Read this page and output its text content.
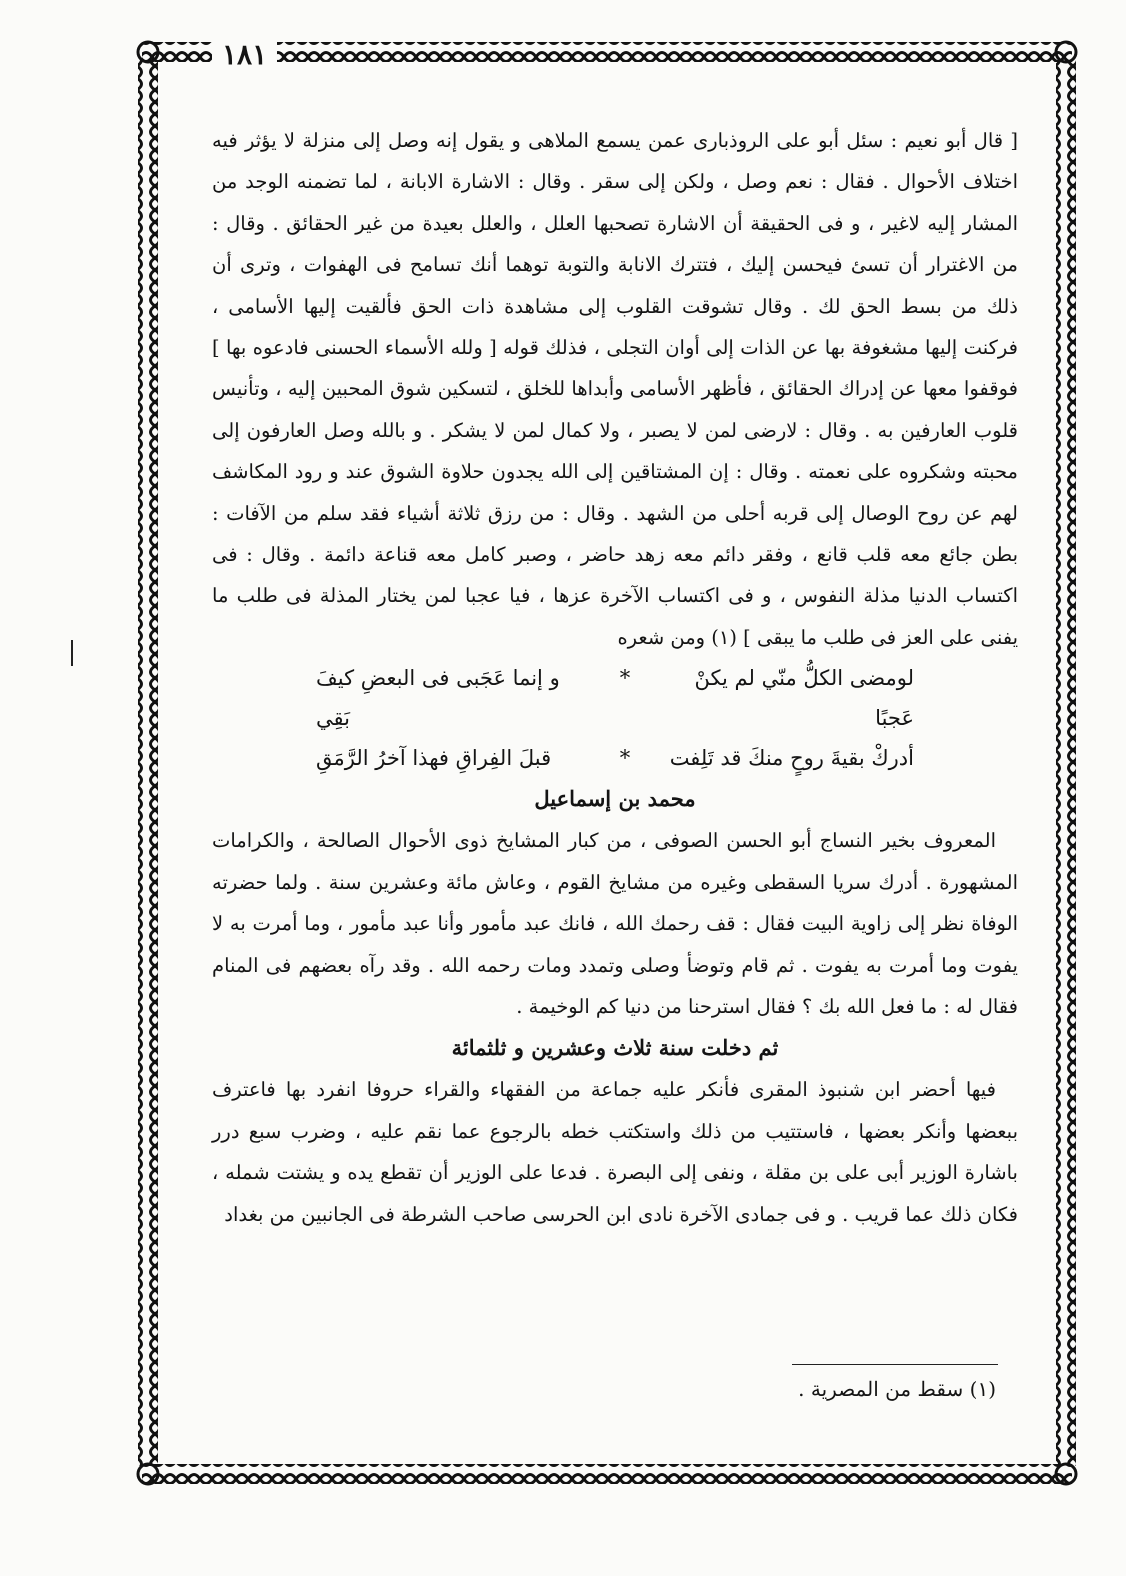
١٨١

[ قال أبو نعيم : سئل أبو على الروذبارى عمن يسمع الملاهى و يقول إنه وصل إلى منزلة لا يؤثر فيه اختلاف الأحوال . فقال : نعم وصل ، ولكن إلى سقر . وقال : الاشارة الابانة ، لما تضمنه الوجد من المشار إليه لاغير ، و فى الحقيقة أن الاشارة تصحبها العلل ، والعلل بعيدة من غير الحقائق . وقال : من الاغترار أن تسئ فيحسن إليك ، فتترك الانابة والتوبة توهما أنك تسامح فى الهفوات ، وترى أن ذلك من بسط الحق لك . وقال تشوقت القلوب إلى مشاهدة ذات الحق فألقيت إليها الأسامى ، فركنت إليها مشغوفة بها عن الذات إلى أوان التجلى ، فذلك قوله [ ولله الأسماء الحسنى فادعوه بها ] فوقفوا معها عن إدراك الحقائق ، فأظهر الأسامى وأبداها للخلق ، لتسكين شوق المحبين إليه ، وتأنيس قلوب العارفين به . وقال : لارضى لمن لا يصبر ، ولا كمال لمن لا يشكر . و بالله وصل العارفون إلى محبته وشكروه على نعمته . وقال : إن المشتاقين إلى الله يجدون حلاوة الشوق عند و رود المكاشف لهم عن روح الوصال إلى قربه أحلى من الشهد . وقال : من رزق ثلاثة أشياء فقد سلم من الآفات : بطن جائع معه قلب قانع ، وفقر دائم معه زهد حاضر ، وصبر كامل معه قناعة دائمة . وقال : فى اكتساب الدنيا مذلة النفوس ، و فى اكتساب الآخرة عزها ، فيا عجبا لمن يختار المذلة فى طلب ما يفنى على العز فى طلب ما يبقى ] (١) ومن شعره

لومضى الكلُّ منّي لم يكنْ عَجبًا
*
و إنما عَجَبى فى البعضِ كيفَ بَقِي
أدركْ بقيةَ روحٍ منكَ قد تَلِفت
*
قبلَ الفِراقِ فهذا آخرُ الرَّمَقِ
محمد بن إسماعيل

المعروف بخير النساج أبو الحسن الصوفى ، من كبار المشايخ ذوى الأحوال الصالحة ، والكرامات المشهورة . أدرك سريا السقطى وغيره من مشايخ القوم ، وعاش مائة وعشرين سنة . ولما حضرته الوفاة نظر إلى زاوية البيت فقال : قف رحمك الله ، فانك عبد مأمور وأنا عبد مأمور ، وما أمرت به لا يفوت وما أمرت به يفوت . ثم قام وتوضأ وصلى وتمدد ومات رحمه الله . وقد رآه بعضهم فى المنام فقال له : ما فعل الله بك ؟ فقال استرحنا من دنيا كم الوخيمة .

ثم دخلت سنة ثلاث وعشرين و ثلثمائة

فيها أحضر ابن شنبوذ المقرى فأنكر عليه جماعة من الفقهاء والقراء حروفا انفرد بها فاعترف ببعضها وأنكر بعضها ، فاستتيب من ذلك واستكتب خطه بالرجوع عما نقم عليه ، وضرب سبع درر باشارة الوزير أبى على بن مقلة ، ونفى إلى البصرة . فدعا على الوزير أن تقطع يده و يشتت شمله ، فكان ذلك عما قريب . و فى جمادى الآخرة نادى ابن الحرسى صاحب الشرطة فى الجانبين من بغداد

(١) سقط من المصرية .
